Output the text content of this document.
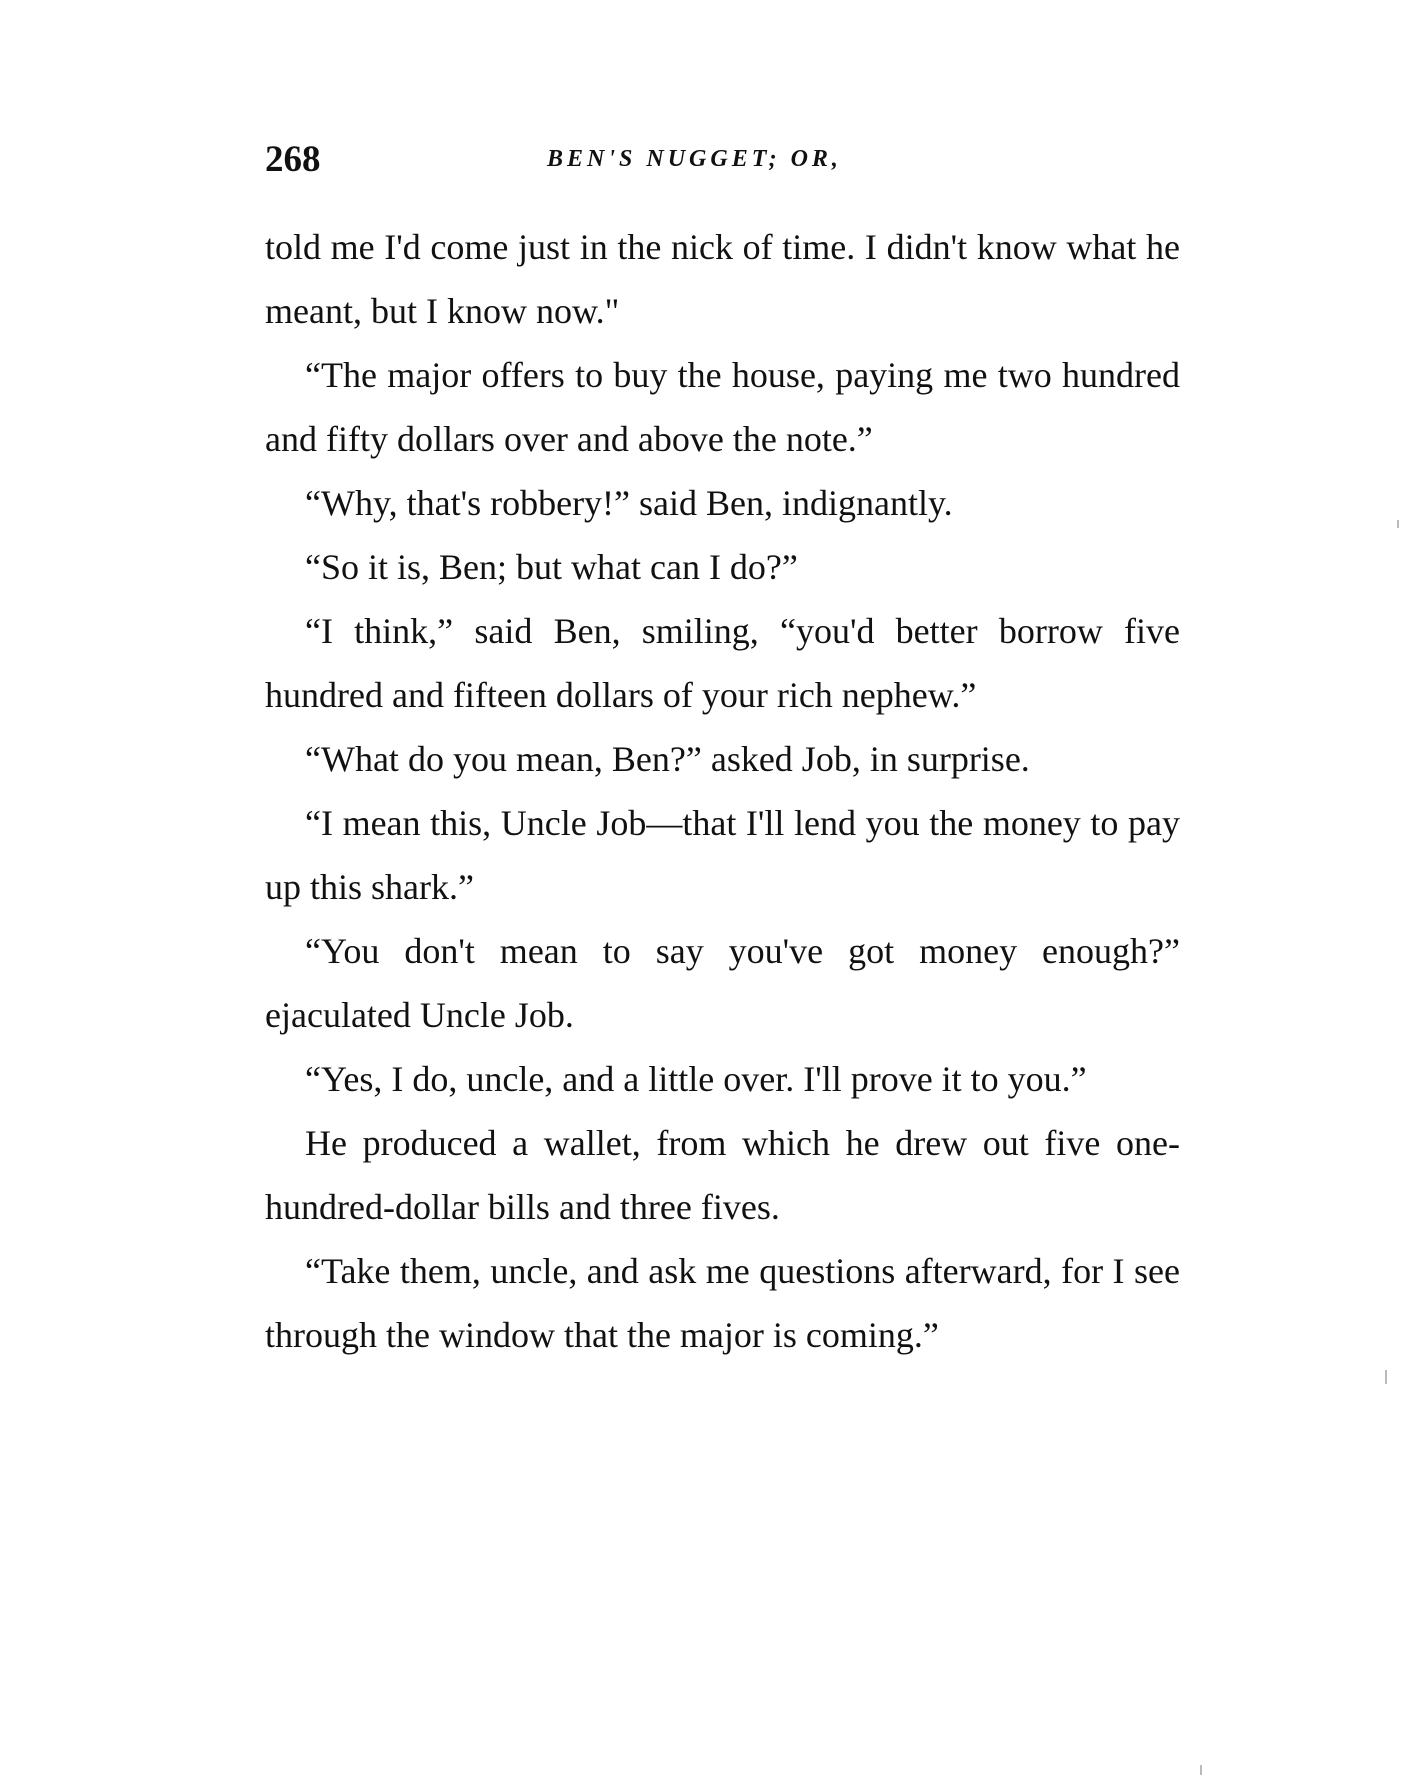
268	BEN'S NUGGET; OR,

told me I'd come just in the nick of time. I didn't know what he meant, but I know now."

“The major offers to buy the house, paying me two hundred and fifty dollars over and above the note.”

“Why, that's robbery!” said Ben, indignantly.

“So it is, Ben; but what can I do?”

“I think,” said Ben, smiling, “you'd better borrow five hundred and fifteen dollars of your rich nephew.”

“What do you mean, Ben?” asked Job, in surprise.

“I mean this, Uncle Job—that I'll lend you the money to pay up this shark.”

“You don't mean to say you've got money enough?” ejaculated Uncle Job.

“Yes, I do, uncle, and a little over. I'll prove it to you.”

He produced a wallet, from which he drew out five one-hundred-dollar bills and three fives.

“Take them, uncle, and ask me questions afterward, for I see through the window that the major is coming.”
